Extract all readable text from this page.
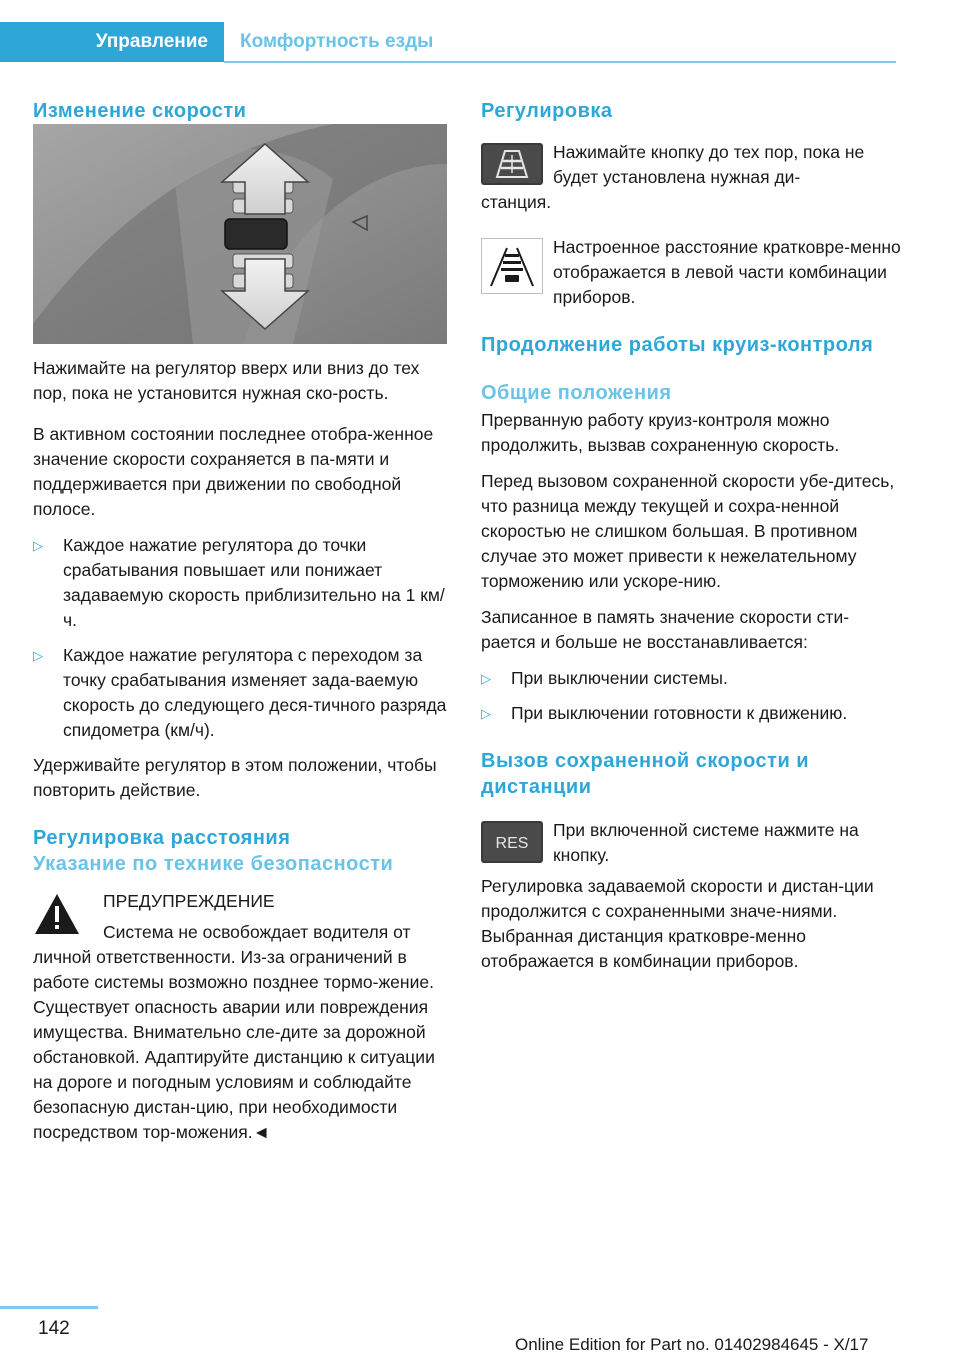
Управление	Комфортность езды
Изменение скорости

Нажимайте на регулятор вверх или вниз до тех пор, пока не установится нужная ско-рость.

В активном состоянии последнее отобра-женное значение скорости сохраняется в па-мяти и поддерживается при движении по свободной полосе.

▷	Каждое нажатие регулятора до точки срабатывания повышает или понижает задаваемую скорость приблизительно на 1 км/ч.
▷	Каждое нажатие регулятора с переходом за точку срабатывания изменяет зада-ваемую скорость до следующего деся-тичного разряда спидометра (км/ч).

Удерживайте регулятор в этом положении, чтобы повторить действие.

Регулировка расстояния
Указание по технике безопасности

ПРЕДУПРЕЖДЕНИЕ

Система не освобождает водителя от

личной ответственности. Из-за ограничений в работе системы возможно позднее тормо-жение. Существует опасность аварии или повреждения имущества. Внимательно сле-дите за дорожной обстановкой. Адаптируйте дистанцию к ситуации на дороге и погодным условиям и соблюдайте безопасную дистан-цию, при необходимости посредством тор-можения.◄

Регулировка

Нажимайте кнопку до тех пор, пока не будет установлена нужная ди-

станция.

Настроенное расстояние кратковре-менно отображается в левой части комбинации приборов.

Продолжение работы круиз-контроля
Общие положения

Прерванную работу круиз-контроля можно продолжить, вызвав сохраненную скорость.

Перед вызовом сохраненной скорости убе-дитесь, что разница между текущей и сохра-ненной скоростью не слишком большая. В противном случае это может привести к нежелательному торможению или ускоре-нию.

Записанное в память значение скорости сти-рается и больше не восстанавливается:

▷	При выключении системы.
▷	При выключении готовности к движению.
Вызов сохраненной скорости и дистанции
RES

При включенной системе нажмите на кнопку.

Регулировка задаваемой скорости и дистан-ции продолжится с сохраненными значе-ниями. Выбранная дистанция кратковре-менно отображается в комбинации приборов.

142
Online Edition for Part no. 01402984645 - X/17
